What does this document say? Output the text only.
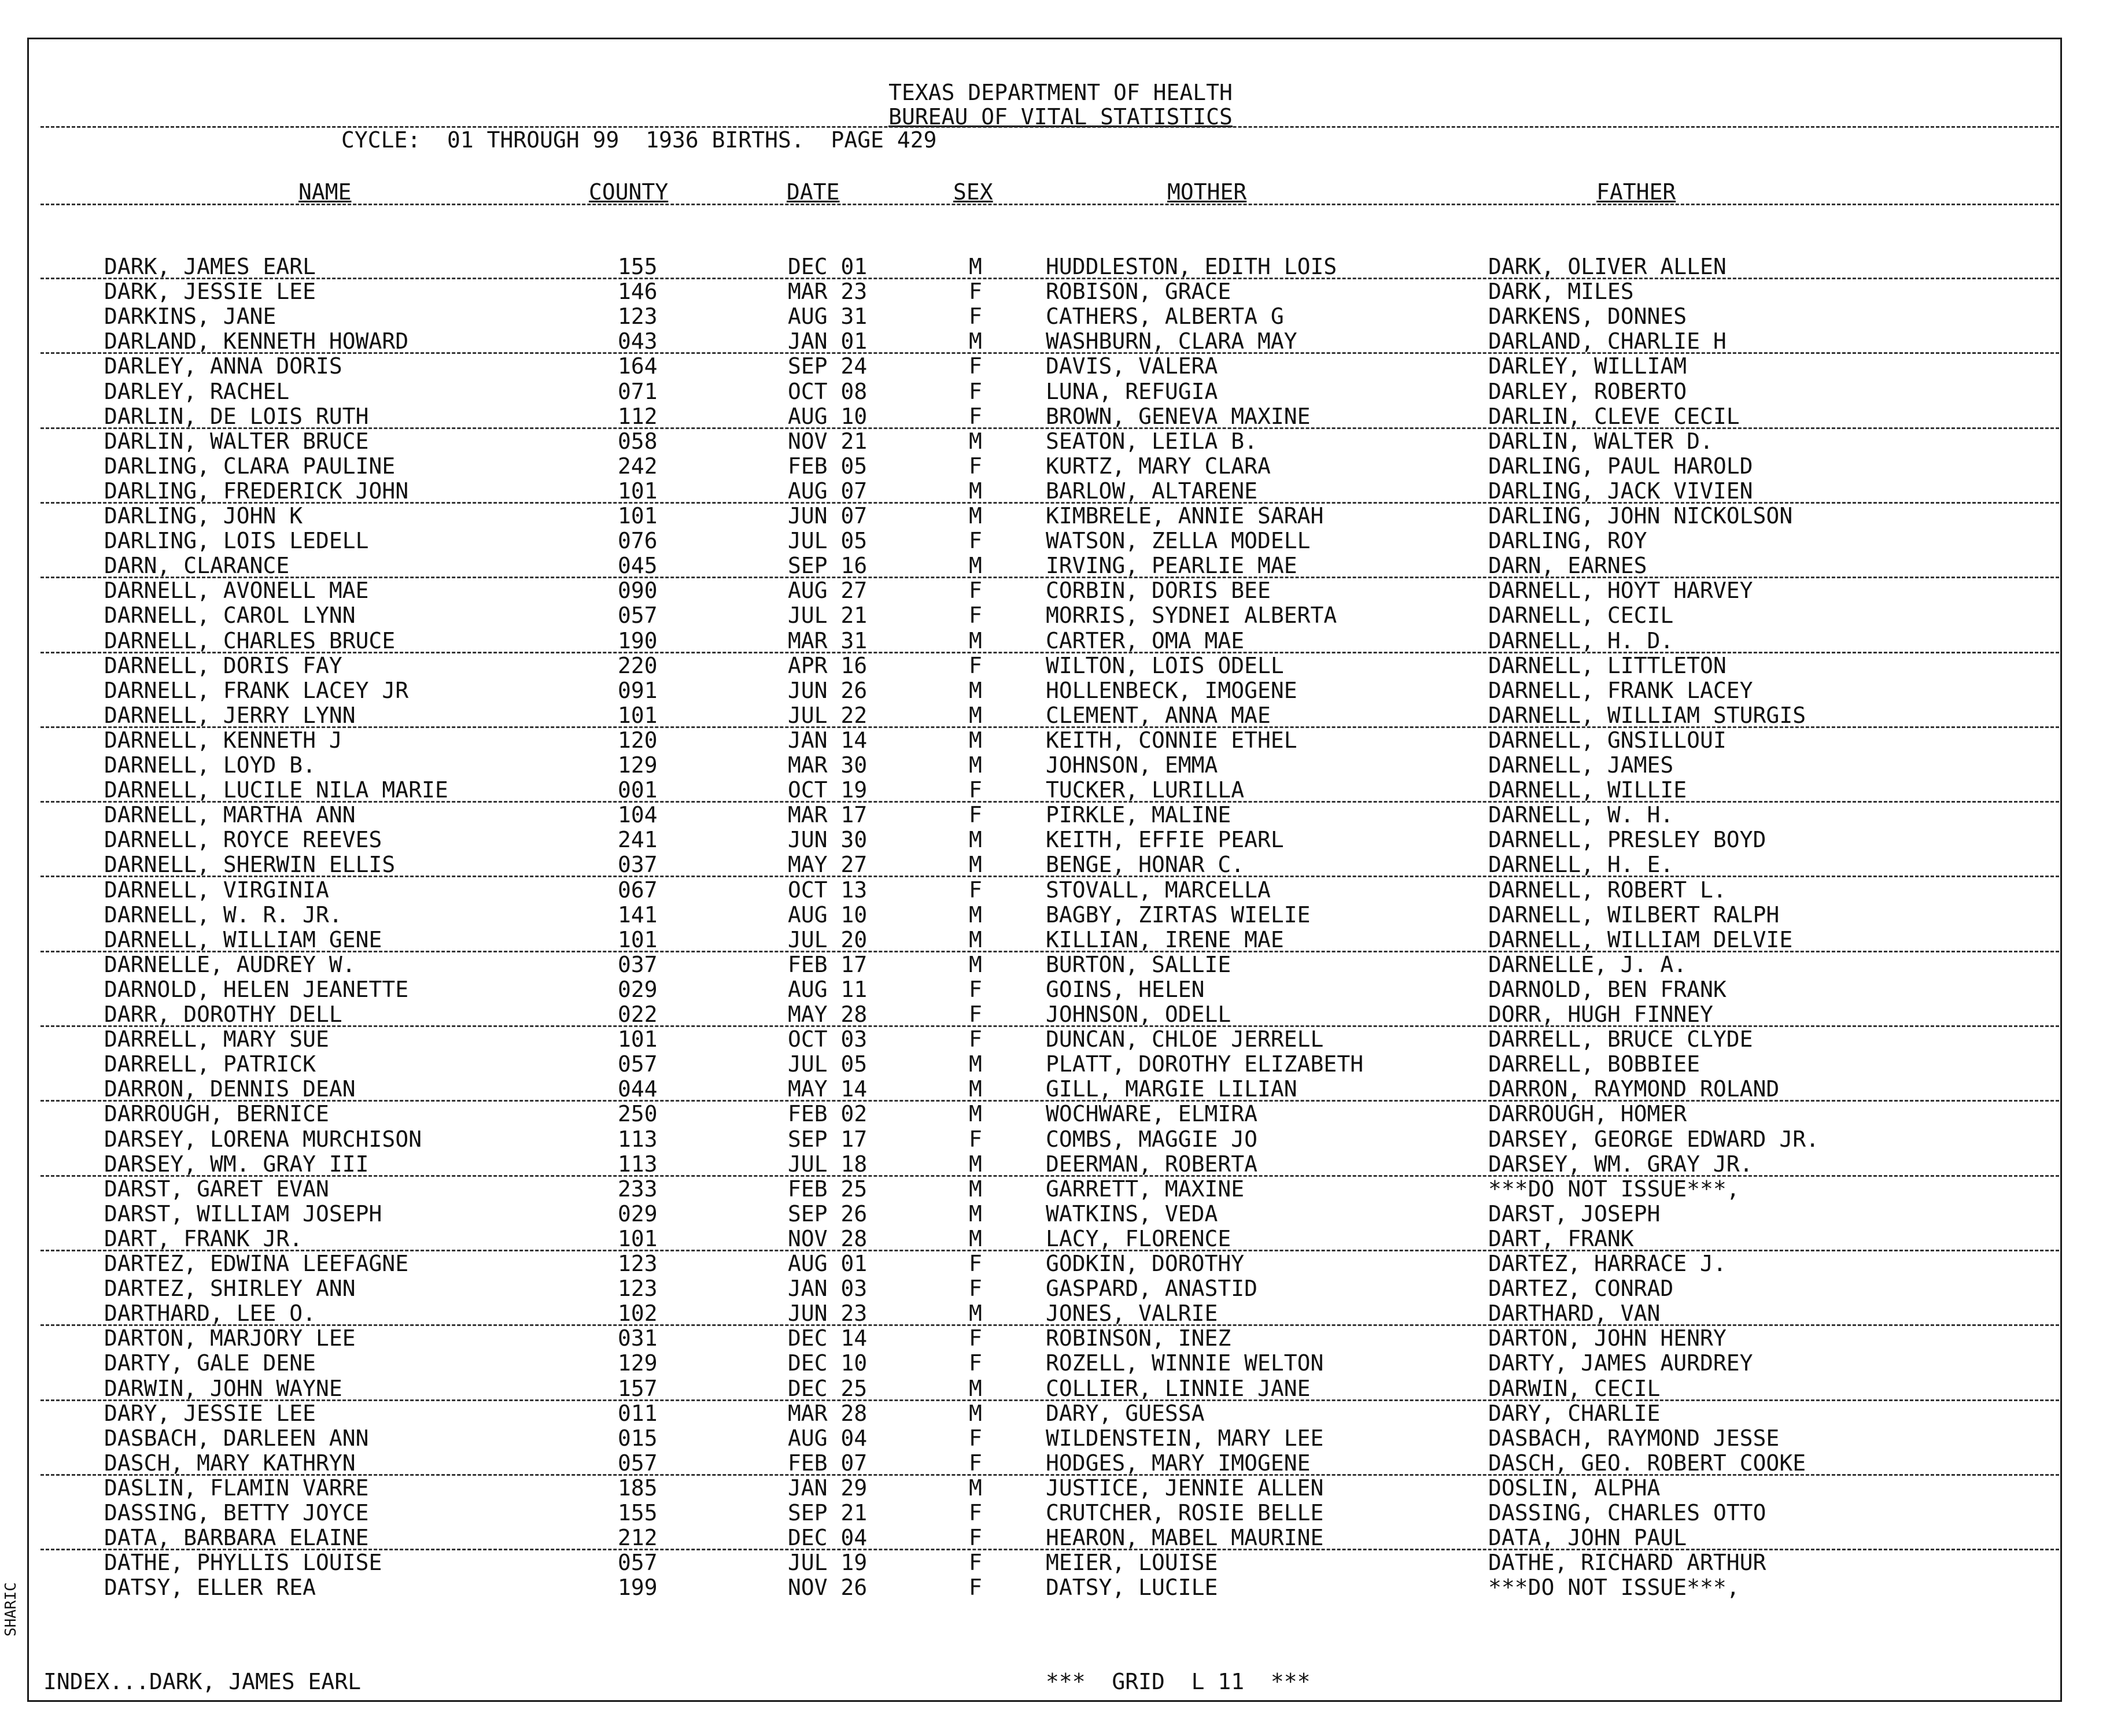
TEXAS DEPARTMENT OF HEALTH
BUREAU OF VITAL STATISTICS
CYCLE:  01 THROUGH 99  1936 BIRTHS.  PAGE 429
NAME	COUNTY	DATE	SEX	MOTHER	FATHER
DARK, JAMES EARL	155	DEC 01	M	HUDDLESTON, EDITH LOIS	DARK, OLIVER ALLEN
DARK, JESSIE LEE	146	MAR 23	F	ROBISON, GRACE	DARK, MILES
DARKINS, JANE	123	AUG 31	F	CATHERS, ALBERTA G	DARKENS, DONNES
DARLAND, KENNETH HOWARD	043	JAN 01	M	WASHBURN, CLARA MAY	DARLAND, CHARLIE H
DARLEY, ANNA DORIS	164	SEP 24	F	DAVIS, VALERA	DARLEY, WILLIAM
DARLEY, RACHEL	071	OCT 08	F	LUNA, REFUGIA	DARLEY, ROBERTO
DARLIN, DE LOIS RUTH	112	AUG 10	F	BROWN, GENEVA MAXINE	DARLIN, CLEVE CECIL
DARLIN, WALTER BRUCE	058	NOV 21	M	SEATON, LEILA B.	DARLIN, WALTER D.
DARLING, CLARA PAULINE	242	FEB 05	F	KURTZ, MARY CLARA	DARLING, PAUL HAROLD
DARLING, FREDERICK JOHN	101	AUG 07	M	BARLOW, ALTARENE	DARLING, JACK VIVIEN
DARLING, JOHN K	101	JUN 07	M	KIMBRELE, ANNIE SARAH	DARLING, JOHN NICKOLSON
DARLING, LOIS LEDELL	076	JUL 05	F	WATSON, ZELLA MODELL	DARLING, ROY
DARN, CLARANCE	045	SEP 16	M	IRVING, PEARLIE MAE	DARN, EARNES
DARNELL, AVONELL MAE	090	AUG 27	F	CORBIN, DORIS BEE	DARNELL, HOYT HARVEY
DARNELL, CAROL LYNN	057	JUL 21	F	MORRIS, SYDNEI ALBERTA	DARNELL, CECIL
DARNELL, CHARLES BRUCE	190	MAR 31	M	CARTER, OMA MAE	DARNELL, H. D.
DARNELL, DORIS FAY	220	APR 16	F	WILTON, LOIS ODELL	DARNELL, LITTLETON
DARNELL, FRANK LACEY JR	091	JUN 26	M	HOLLENBECK, IMOGENE	DARNELL, FRANK LACEY
DARNELL, JERRY LYNN	101	JUL 22	M	CLEMENT, ANNA MAE	DARNELL, WILLIAM STURGIS
DARNELL, KENNETH J	120	JAN 14	M	KEITH, CONNIE ETHEL	DARNELL, GNSILLOUI
DARNELL, LOYD B.	129	MAR 30	M	JOHNSON, EMMA	DARNELL, JAMES
DARNELL, LUCILE NILA MARIE	001	OCT 19	F	TUCKER, LURILLA	DARNELL, WILLIE
DARNELL, MARTHA ANN	104	MAR 17	F	PIRKLE, MALINE	DARNELL, W. H.
DARNELL, ROYCE REEVES	241	JUN 30	M	KEITH, EFFIE PEARL	DARNELL, PRESLEY BOYD
DARNELL, SHERWIN ELLIS	037	MAY 27	M	BENGE, HONAR C.	DARNELL, H. E.
DARNELL, VIRGINIA	067	OCT 13	F	STOVALL, MARCELLA	DARNELL, ROBERT L.
DARNELL, W. R. JR.	141	AUG 10	M	BAGBY, ZIRTAS WIELIE	DARNELL, WILBERT RALPH
DARNELL, WILLIAM GENE	101	JUL 20	M	KILLIAN, IRENE MAE	DARNELL, WILLIAM DELVIE
DARNELLE, AUDREY W.	037	FEB 17	M	BURTON, SALLIE	DARNELLE, J. A.
DARNOLD, HELEN JEANETTE	029	AUG 11	F	GOINS, HELEN	DARNOLD, BEN FRANK
DARR, DOROTHY DELL	022	MAY 28	F	JOHNSON, ODELL	DORR, HUGH FINNEY
DARRELL, MARY SUE	101	OCT 03	F	DUNCAN, CHLOE JERRELL	DARRELL, BRUCE CLYDE
DARRELL, PATRICK	057	JUL 05	M	PLATT, DOROTHY ELIZABETH	DARRELL, BOBBIEE
DARRON, DENNIS DEAN	044	MAY 14	M	GILL, MARGIE LILIAN	DARRON, RAYMOND ROLAND
DARROUGH, BERNICE	250	FEB 02	M	WOCHWARE, ELMIRA	DARROUGH, HOMER
DARSEY, LORENA MURCHISON	113	SEP 17	F	COMBS, MAGGIE JO	DARSEY, GEORGE EDWARD JR.
DARSEY, WM. GRAY III	113	JUL 18	M	DEERMAN, ROBERTA	DARSEY, WM. GRAY JR.
DARST, GARET EVAN	233	FEB 25	M	GARRETT, MAXINE	***DO NOT ISSUE***,
DARST, WILLIAM JOSEPH	029	SEP 26	M	WATKINS, VEDA	DARST, JOSEPH
DART, FRANK JR.	101	NOV 28	M	LACY, FLORENCE	DART, FRANK
DARTEZ, EDWINA LEEFAGNE	123	AUG 01	F	GODKIN, DOROTHY	DARTEZ, HARRACE J.
DARTEZ, SHIRLEY ANN	123	JAN 03	F	GASPARD, ANASTID	DARTEZ, CONRAD
DARTHARD, LEE O.	102	JUN 23	M	JONES, VALRIE	DARTHARD, VAN
DARTON, MARJORY LEE	031	DEC 14	F	ROBINSON, INEZ	DARTON, JOHN HENRY
DARTY, GALE DENE	129	DEC 10	F	ROZELL, WINNIE WELTON	DARTY, JAMES AURDREY
DARWIN, JOHN WAYNE	157	DEC 25	M	COLLIER, LINNIE JANE	DARWIN, CECIL
DARY, JESSIE LEE	011	MAR 28	M	DARY, GUESSA	DARY, CHARLIE
DASBACH, DARLEEN ANN	015	AUG 04	F	WILDENSTEIN, MARY LEE	DASBACH, RAYMOND JESSE
DASCH, MARY KATHRYN	057	FEB 07	F	HODGES, MARY IMOGENE	DASCH, GEO. ROBERT COOKE
DASLIN, FLAMIN VARRE	185	JAN 29	M	JUSTICE, JENNIE ALLEN	DOSLIN, ALPHA
DASSING, BETTY JOYCE	155	SEP 21	F	CRUTCHER, ROSIE BELLE	DASSING, CHARLES OTTO
DATA, BARBARA ELAINE	212	DEC 04	F	HEARON, MABEL MAURINE	DATA, JOHN PAUL
DATHE, PHYLLIS LOUISE	057	JUL 19	F	MEIER, LOUISE	DATHE, RICHARD ARTHUR
DATSY, ELLER REA	199	NOV 26	F	DATSY, LUCILE	***DO NOT ISSUE***,
INDEX...DARK, JAMES EARL	***  GRID  L 11  ***
SHARIC
